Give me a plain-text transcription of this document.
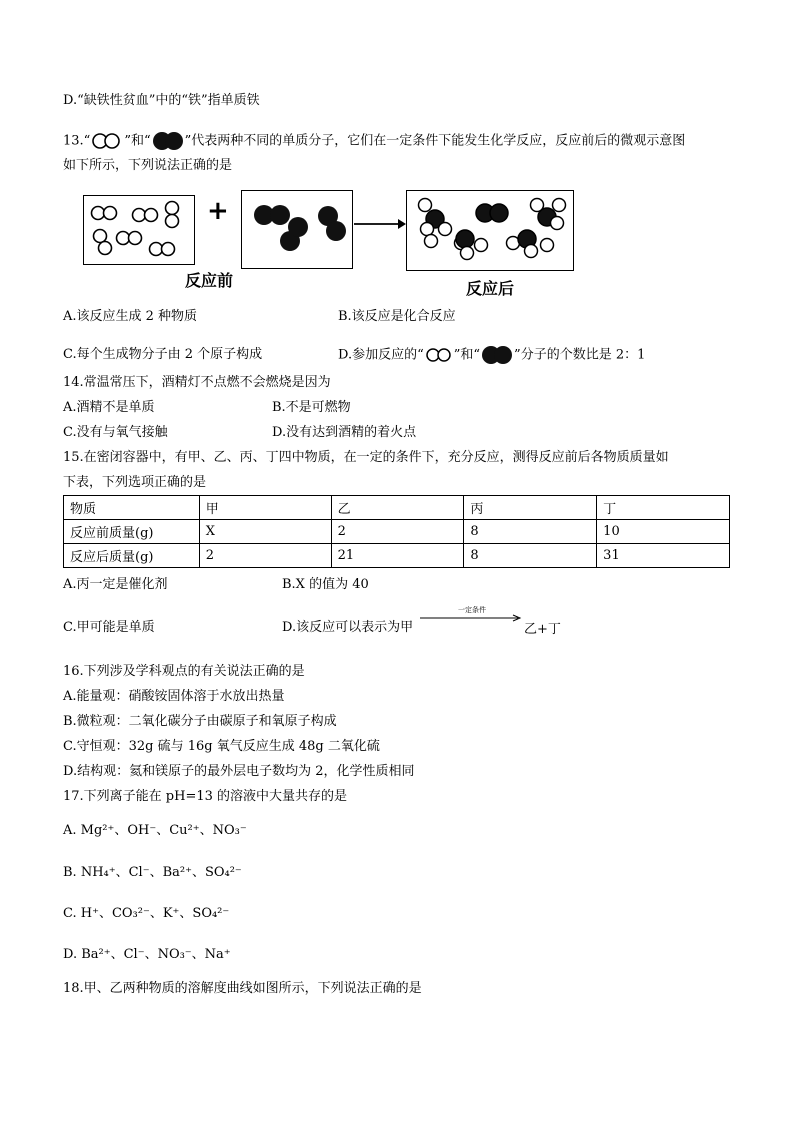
D.“缺铁性贫血”中的“铁”指单质铁
13.“	”和“	”代表两种不同的单质分子，它们在一定条件下能发生化学反应，反应前后的微观示意图
如下所示，下列说法正确的是
+
反应前	反应后
A.该反应生成 2 种物质	B.该反应是化合反应
C.每个生成物分子由 2 个原子构成	D.参加反应的“ ”和“	”分子的个数比是 2：1
14.常温常压下，酒精灯不点燃不会燃烧是因为
A.酒精不是单质	B.不是可燃物
C.没有与氧气接触	D.没有达到酒精的着火点
15.在密闭容器中，有甲、乙、丙、丁四中物质，在一定的条件下，充分反应，测得反应前后各物质质量如
下表，下列选项正确的是
物质	甲	乙	丙	丁
反应前质量(g)	X	2	8	10
反应后质量(g)	2	21	8	31
A.丙一定是催化剂	B.X 的值为 40
C.甲可能是单质	D.该反应可以表示为甲
一定条件
乙+丁
16.下列涉及学科观点的有关说法正确的是
A.能量观：硝酸铵固体溶于水放出热量
B.微粒观：二氧化碳分子由碳原子和氧原子构成
C.守恒观：32g 硫与 16g 氧气反应生成 48g 二氧化硫
D.结构观：氦和镁原子的最外层电子数均为 2，化学性质相同
17.下列离子能在 pH=13 的溶液中大量共存的是
A. Mg²⁺、OH⁻、Cu²⁺、NO₃⁻
B. NH₄⁺、Cl⁻、Ba²⁺、SO₄²⁻
C. H⁺、CO₃²⁻、K⁺、SO₄²⁻
D. Ba²⁺、Cl⁻、NO₃⁻、Na⁺
18.甲、乙两种物质的溶解度曲线如图所示，下列说法正确的是
